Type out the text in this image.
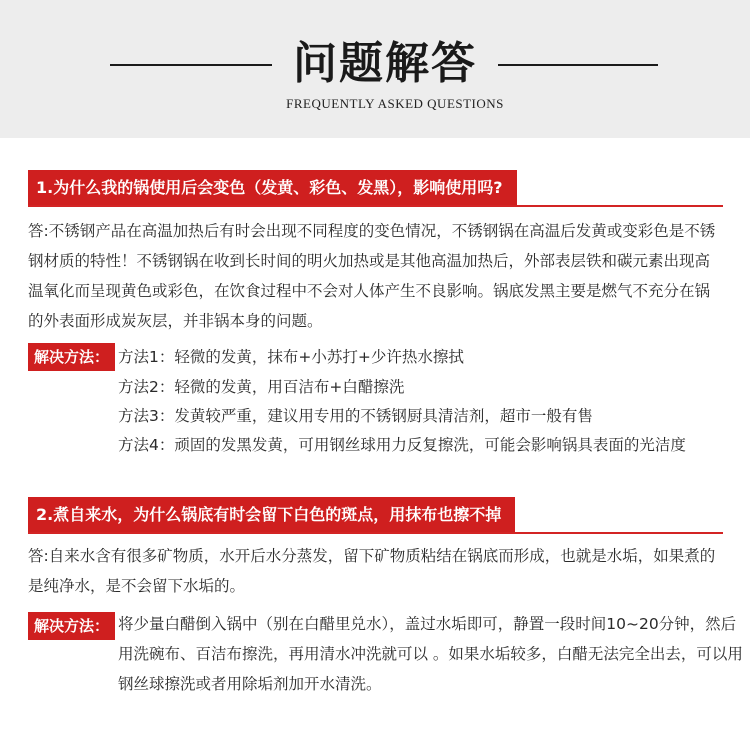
问题解答
FREQUENTLY ASKED QUESTIONS
1.为什么我的锅使用后会变色（发黄、彩色、发黑），影响使用吗?
答:不锈钢产品在高温加热后有时会出现不同程度的变色情况，不锈钢锅在高温后发黄或变彩色是不锈钢材质的特性！不锈钢锅在收到长时间的明火加热或是其他高温加热后，外部表层铁和碳元素出现高温氧化而呈现黄色或彩色，在饮食过程中不会对人体产生不良影响。锅底发黑主要是燃气不充分在锅的外表面形成炭灰层，并非锅本身的问题。
解决方法： 方法1：轻微的发黄，抹布+小苏打+少许热水擦拭
方法2：轻微的发黄，用百洁布+白醋擦洗
方法3：发黄较严重，建议用专用的不锈钢厨具清洁剂，超市一般有售
方法4：顽固的发黑发黄，可用钢丝球用力反复擦洗，可能会影响锅具表面的光洁度
2.煮自来水，为什么锅底有时会留下白色的斑点，用抹布也擦不掉
答:自来水含有很多矿物质，水开后水分蒸发，留下矿物质粘结在锅底而形成，也就是水垢，如果煮的是纯净水，是不会留下水垢的。
解决方法： 将少量白醋倒入锅中（别在白醋里兑水），盖过水垢即可，静置一段时间10~20分钟，然后用洗碗布、百洁布擦洗，再用清水冲洗就可以 。如果水垢较多，白醋无法完全出去，可以用钢丝球擦洗或者用除垢剂加开水清洗。
